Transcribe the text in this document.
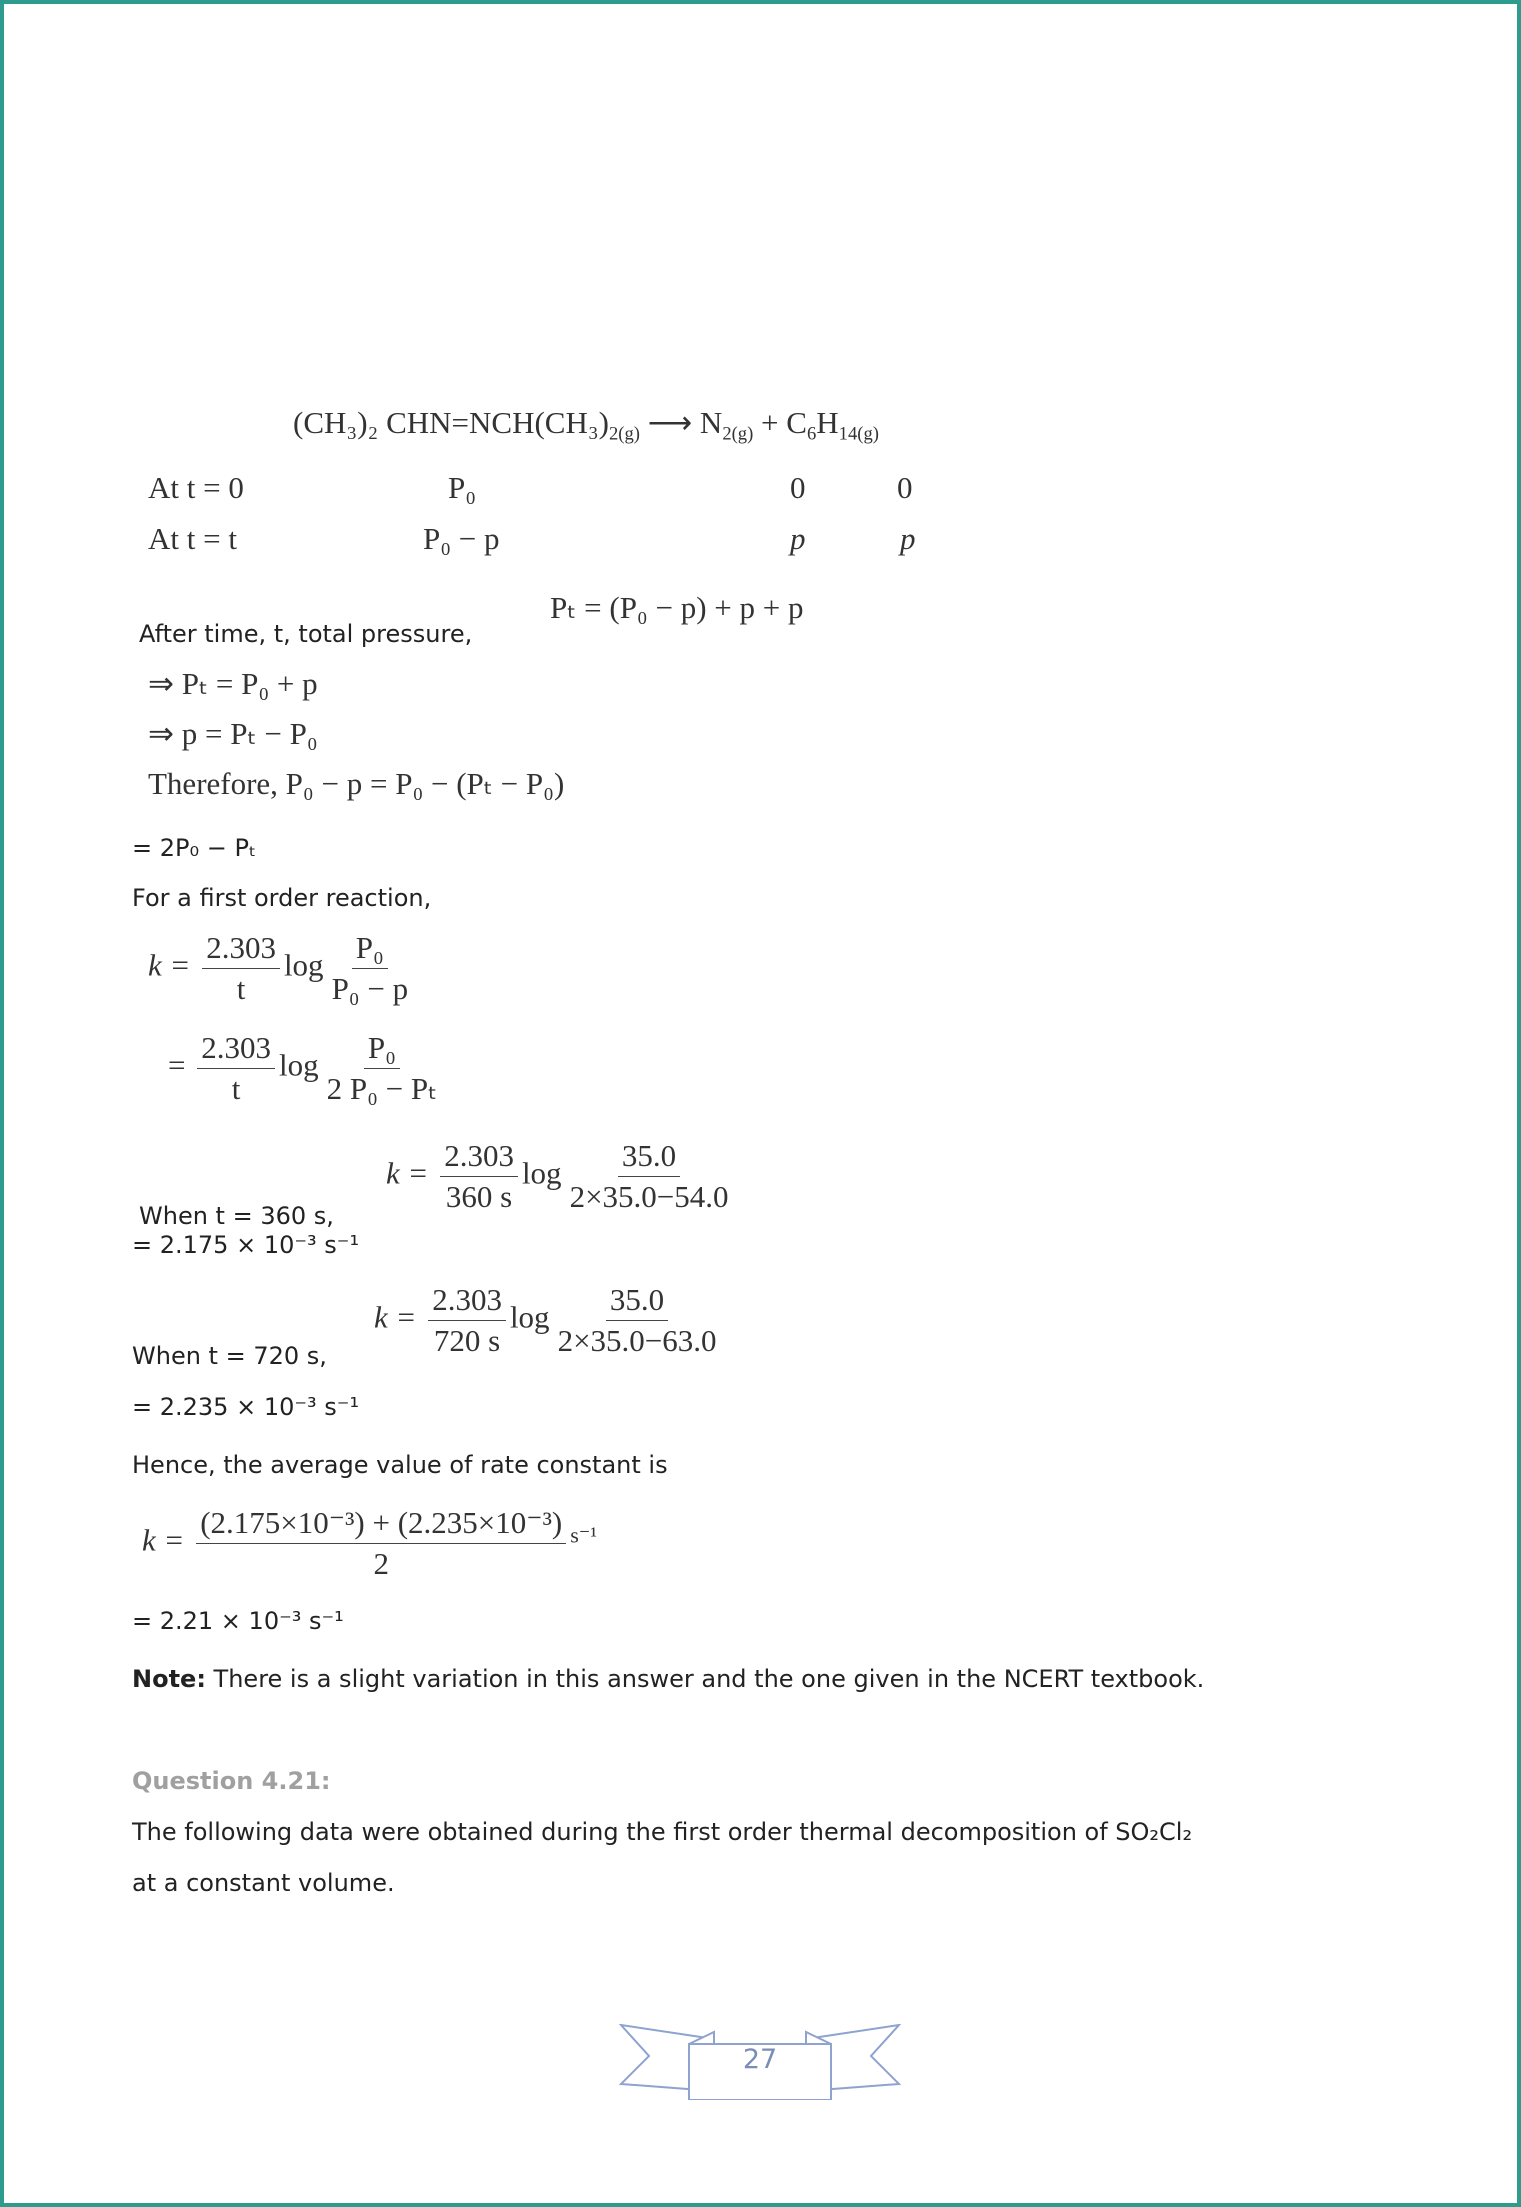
(CH₃)₂ $CHN=NCH(CH_3)_{2(g)}$ ⟶ $N_{2(g)} + C_6H_{14(g)}$
At t = 0	P₀	0	0
At t = t	P₀ − p	p	p
After time, t, total pressure,
Pₜ = (P₀ − p) + p + p
⇒ Pₜ = P₀ + p
⇒ p = Pₜ − P₀
Therefore, P₀ − p = P₀ − (Pₜ − P₀)
= 2P₀ − Pₜ
For a first order reaction,
$k = \frac{2.303}{t}$ $\log \frac{\text{P₀}}{\text{P₀ − p}}$
= $\frac{2.303}{t}$ $\log \frac{\text{P₀}}{\text{2 P₀ − Pₜ}}$
When t = 360 s,
$k = \frac{2.303}{360 s}$ $\log \frac{35.0}{2\times 35.0-54.0}$
= 2.175 × 10⁻³ s⁻¹
$k = \frac{2.303}{720 s}$ $\log \frac{35.0}{2\times 35.0-63.0}$
When t = 720 s,
= 2.235 × 10⁻³ s⁻¹
Hence, the average value of rate constant is
$k = \frac{\text{(2.175×10⁻³) + (2.235×10⁻³)}}{2} ^{s^{-1}}$
= 2.21 × 10⁻³ s⁻¹
Note: There is a slight variation in this answer and the one given in the NCERT textbook.
Question 4.21:
The following data were obtained during the first order thermal decomposition of SO₂Cl₂
at a constant volume.
27
